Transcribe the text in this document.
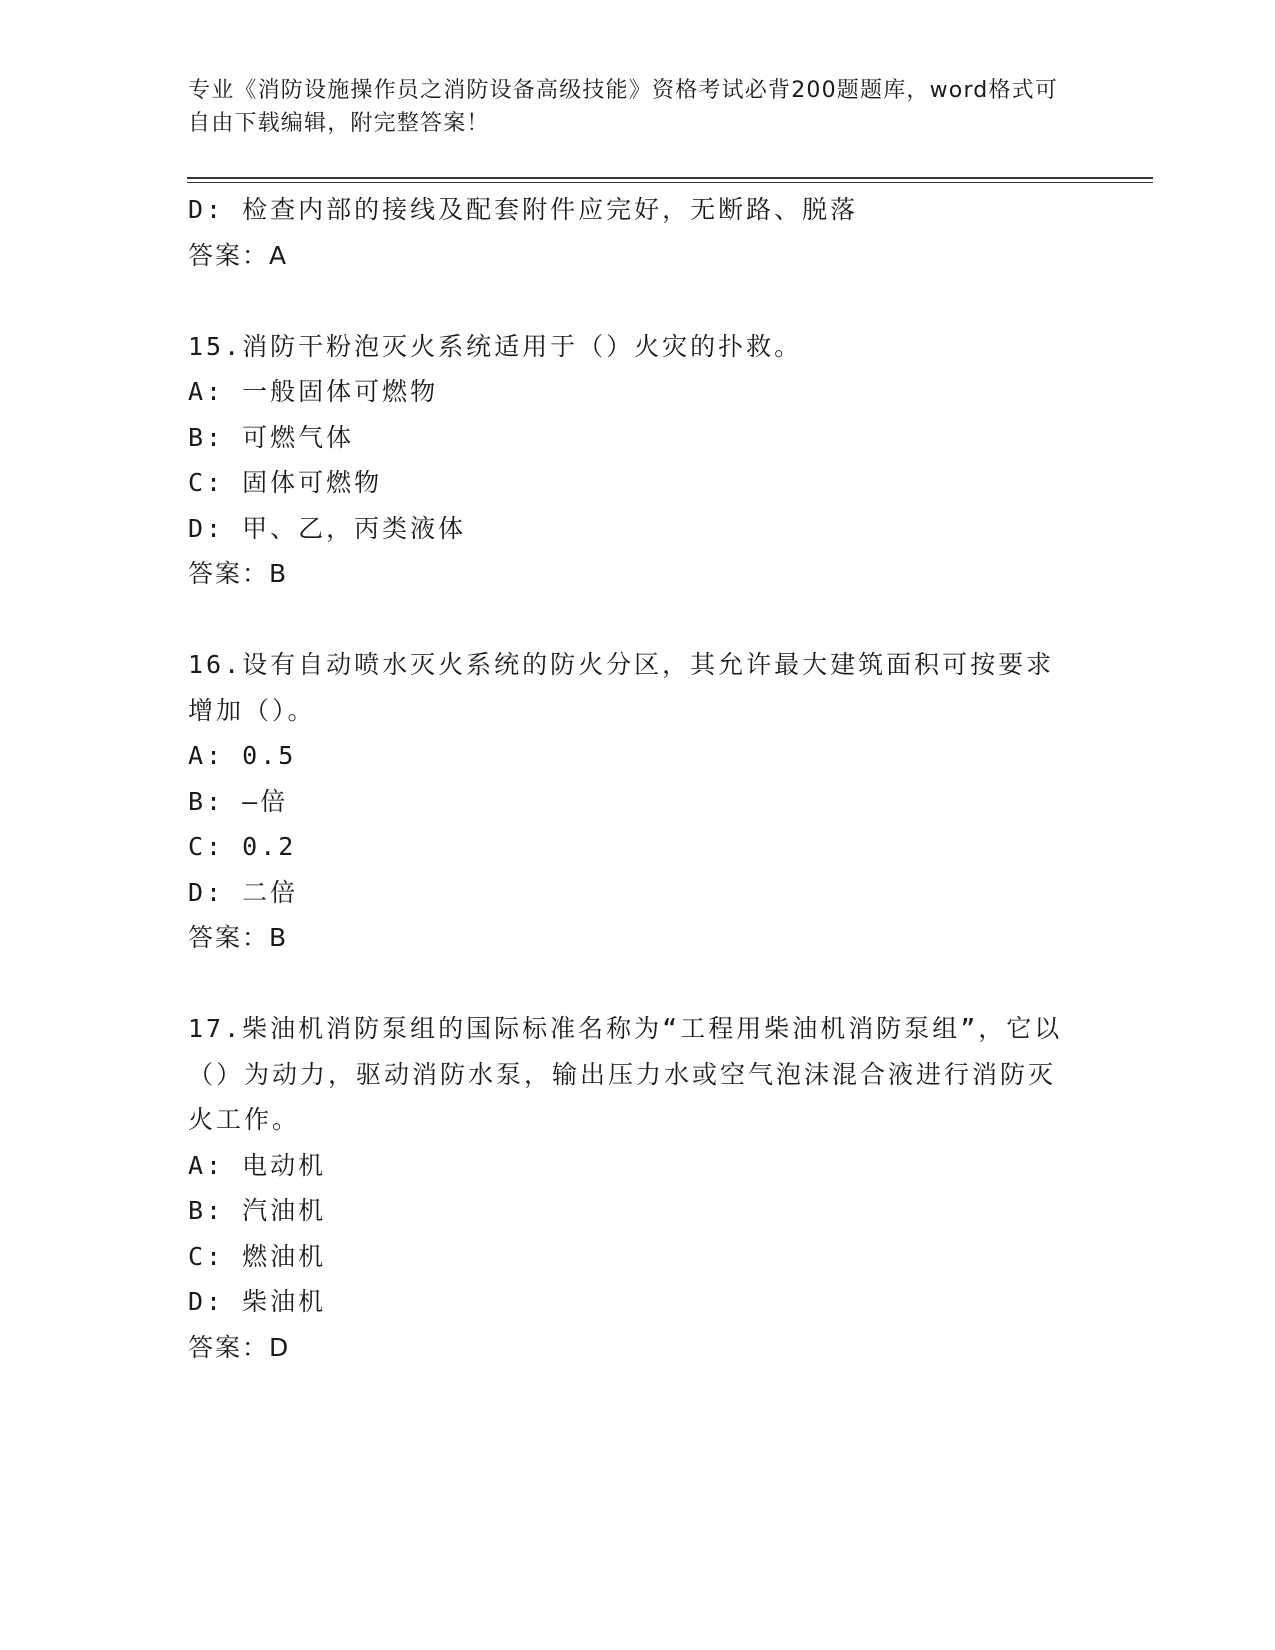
专业《消防设施操作员之消防设备高级技能》资格考试必背200题题库，word格式可自由下载编辑，附完整答案！
D: 检查内部的接线及配套附件应完好，无断路、脱落
答案：A
15.消防干粉泡灭火系统适用于（）火灾的扑救。
A: 一般固体可燃物
B: 可燃气体
C: 固体可燃物
D: 甲、乙，丙类液体
答案：B
16.设有自动喷水灭火系统的防火分区，其允许最大建筑面积可按要求增加（）。
A: 0.5
B: —倍
C: 0.2
D: 二倍
答案：B
17.柴油机消防泵组的国际标准名称为“工程用柴油机消防泵组”，它以（）为动力，驱动消防水泵，输出压力水或空气泡沫混合液进行消防灭火工作。
A: 电动机
B: 汽油机
C: 燃油机
D: 柴油机
答案：D
